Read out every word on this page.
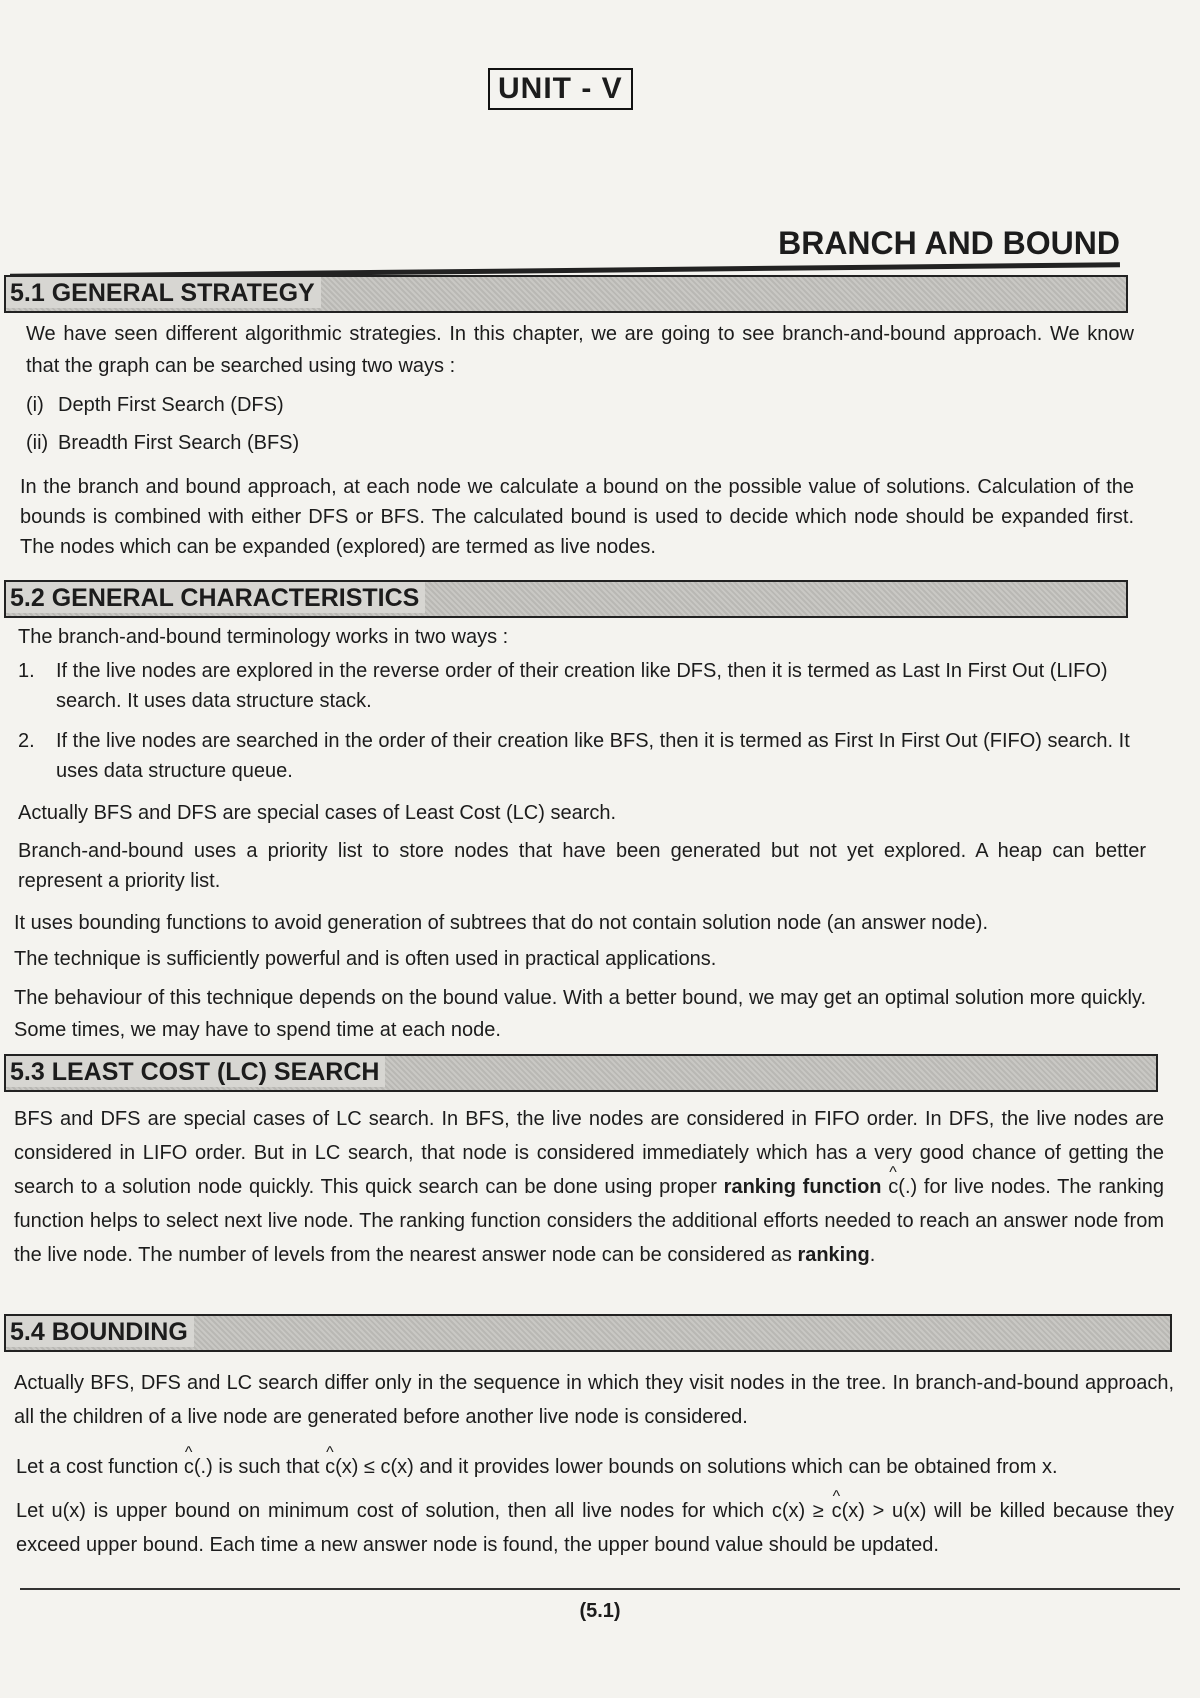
UNIT - V
BRANCH AND BOUND
5.1 GENERAL STRATEGY
We have seen different algorithmic strategies. In this chapter, we are going to see branch-and-bound approach. We know that the graph can be searched using two ways :
(i) Depth First Search (DFS)
(ii) Breadth First Search (BFS)
In the branch and bound approach, at each node we calculate a bound on the possible value of solutions. Calculation of the bounds is combined with either DFS or BFS. The calculated bound is used to decide which node should be expanded first. The nodes which can be expanded (explored) are termed as live nodes.
5.2 GENERAL CHARACTERISTICS
The branch-and-bound terminology works in two ways :
1. If the live nodes are explored in the reverse order of their creation like DFS, then it is termed as Last In First Out (LIFO) search. It uses data structure stack.
2. If the live nodes are searched in the order of their creation like BFS, then it is termed as First In First Out (FIFO) search. It uses data structure queue.
Actually BFS and DFS are special cases of Least Cost (LC) search.
Branch-and-bound uses a priority list to store nodes that have been generated but not yet explored. A heap can better represent a priority list.
It uses bounding functions to avoid generation of subtrees that do not contain solution node (an answer node).
The technique is sufficiently powerful and is often used in practical applications.
The behaviour of this technique depends on the bound value. With a better bound, we may get an optimal solution more quickly. Some times, we may have to spend time at each node.
5.3 LEAST COST (LC) SEARCH
BFS and DFS are special cases of LC search. In BFS, the live nodes are considered in FIFO order. In DFS, the live nodes are considered in LIFO order. But in LC search, that node is considered immediately which has a very good chance of getting the search to a solution node quickly. This quick search can be done using proper ranking function ^ c(.) for live nodes. The ranking function helps to select next live node. The ranking function considers the additional efforts needed to reach an answer node from the live node. The number of levels from the nearest answer node can be considered as ranking.
5.4 BOUNDING
Actually BFS, DFS and LC search differ only in the sequence in which they visit nodes in the tree. In branch-and-bound approach, all the children of a live node are generated before another live node is considered.
Let a cost function ^ c(.) is such that ^ c(x) ≤ c(x) and it provides lower bounds on solutions which can be obtained from x.
Let u(x) is upper bound on minimum cost of solution, then all live nodes for which c(x) ≥ ^ c(x) > u(x) will be killed because they exceed upper bound. Each time a new answer node is found, the upper bound value should be updated.
(5.1)
